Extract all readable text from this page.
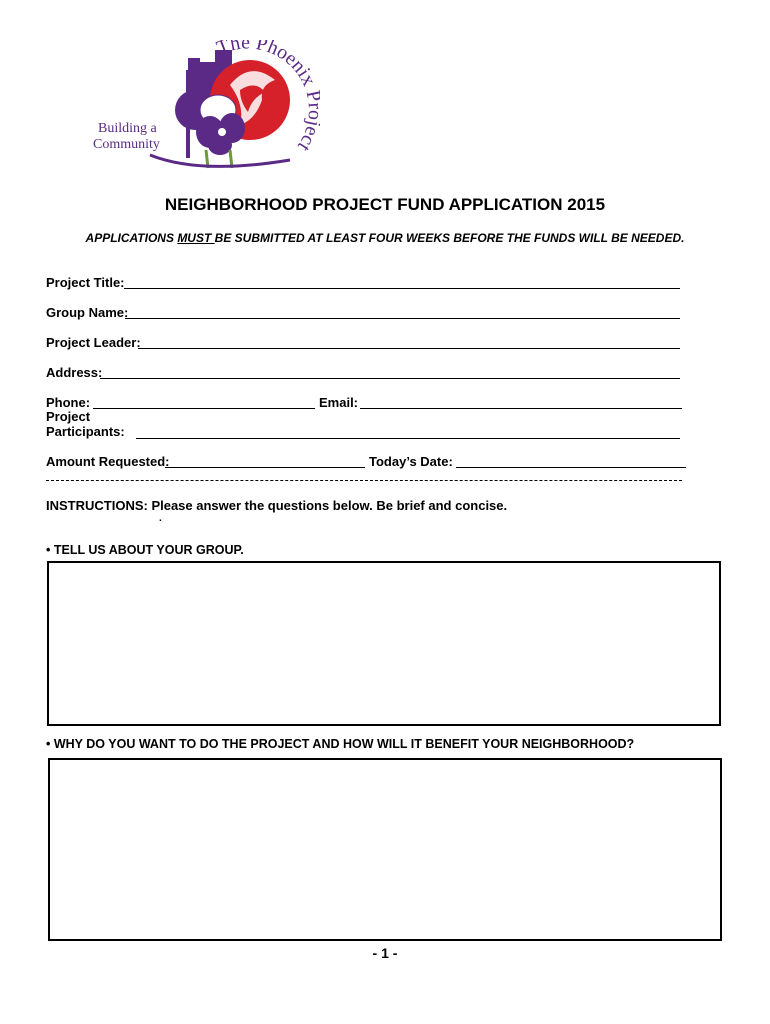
The Phoenix ct
Building a
Community
NEIGHBORHOOD PROJECT FUND APPLICATION 2015
APPLICATIONS MUST BE SUBMITTED AT LEAST FOUR WEEKS BEFORE THE FUNDS WILL BE NEEDED.
Project Title:
Group Name:
Project Leader:
Address:
Phone:	Email:
Project
Participants:
Amount Requested:	Today’s Date:
INSTRUCTIONS: Please answer the questions below. Be brief and concise.
.
• TELL US ABOUT YOUR GROUP.
• WHY DO YOU WANT TO DO THE PROJECT AND HOW WILL IT BENEFIT YOUR NEIGHBORHOOD?
- 1 -
